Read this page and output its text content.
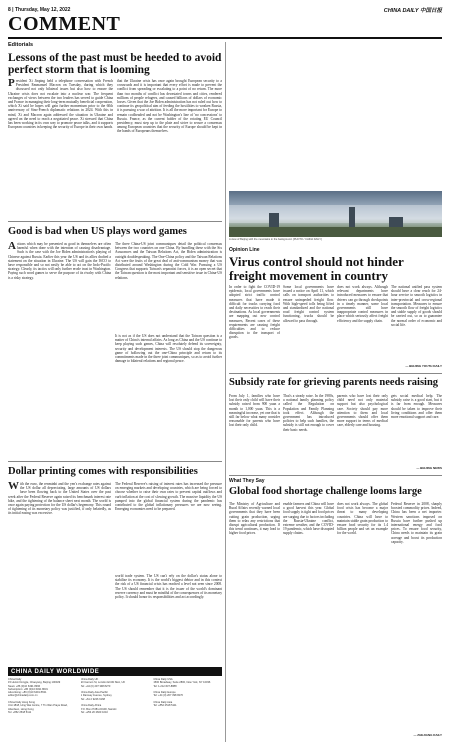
8 | Thursday, May 12, 2022	CHINA DAILY 中国日报
COMMENT
Editorials
Lessons of the past must be heeded to avoid perfect storm that is looming
President Xi Jinping held a telephone conversation with French President Emmanuel Macron on Tuesday, during which they discussed not only bilateral issues but also how to ensure the Ukraine crisis does not escalate into a nuclear war. The frequent exchanges of views between the two leaders has served to guide China and France in managing their long-term mutually beneficial cooperation, which Xi said he hopes will gain further momentum prior to the 60th anniversary of Sino-French diplomatic relations in 2024. With this in mind, Xi and Macron again addressed the situation in Ukraine and agreed on the need to reach a negotiated peace. Xi stressed that China has been working in its own way to promote peace talks, and it supports European countries in keeping the security of Europe in their own hands.
that the Ukraine crisis has once again brought European security to a crossroads and it is important that every effort is made to prevent the conflict from spreading or escalating to a point of no return. The more than two months of conflict has devastated towns and cities, rendered millions of people refugees, and caused billions of dollars of economic losses. Given that the Joe Biden administration has not ruled out how to continue its geopolitical aim of feeding the hostilities to weaken Russia, it is pursuing a war of attrition. It is all the more important for Europe to remain coolheaded and not be Washington's line of 'no concessions' to Russia. France, as the current holder of the rotating EU Council presidency, must step up to the plate and strive to secure a consensus among European countries that the security of Europe should be kept in the hands of Europeans themselves.
Good is bad when US plays word games
Actions which may be presented as good in themselves are often harmful when done with the intention of causing disadvantage. Such is the case with the Joe Biden administration's playing of Chinese against Russia. Earlier this year the US and its allies drafted a statement on the situation in Ukraine. The US will gain the ISCO to have responsible and so not easily be able to act on the Indo-Pacific strategy. Clearly, its tactics will only further erode trust in Washington. Paying such word games to serve the purpose of its rivalry with China is a risky strategy.
The three China-US joint communiques detail the political consensus between the two countries on one China. By bundling these with the Six Assurances and the Taiwan Relations Act, the Biden administration is outright doublespeaking. The One-China policy and the Taiwan Relations Act were the fruits of the great deal of anti-communism money that was distributed around Washington during the Cold War. Pursuing a US Congress that supports Taiwan's separatist forces, it is an open secret that the Taiwan question is the most important and sensitive issue in China-US relations.
It is not as if the US does not understand that the Taiwan question is a matter of China's internal affairs. As long as China and the US continue to keep playing such games, China will resolutely defend its sovereignty, security and development interests. The US should stop the dangerous game of hollowing out the one-China principle and return to its commitments made in the three joint communiques, so as to avoid further damage to bilateral relations and regional peace.
Dollar printing comes with responsibilities
With the euro, the renminbi and the yen's exchange rates against the US dollar all depreciating, large amounts of US dollars have been flowing back to the United States over the past week after the Federal Reserve again raised its benchmark interest rate hike, and the tightening of the balance sheet next month. The world is once again paying protection for the US dollar's hegemony. This round of tightening of its monetary policy was justified, if only belatedly, as its initial easing was excessive.
The Federal Reserve's raising of interest rates has increased the pressure on emerging markets and developing countries, which are being forced to choose whether to raise their own rates to prevent capital outflows and curb inflation at the cost of slowing growth. The massive liquidity the US pumped into the global financial system during the pandemic has contributed to the global inflationary pressures we are now seeing. Emerging economies need to be prepared.
world trade system. The US can't rely on the dollar's status alone to stabilize its economy. It is the world's biggest debtor and in this context the risk of a US financial crisis has reached a level not seen since 2008. The US should remember that it is the issuer of the world's dominant reserve currency and must be mindful of the consequences of its monetary policy. It should honor its responsibilities and act accordingly.
CHINA DAILY WORLDWIDE
China Daily
15 Huixin Dongjie, Chaoyang, Beijing 100029
News: +86 (0)10 6491 8366
Subscription: +86 (0)10 6491 8631
Advertising: +86 (0)10 6491 8631
editor@chinadaily.com.cn

China Daily Hong Kong
Unit 1818, Hing Wai Centre, 7 Tin Wan Praya Road, Aberdeen, Hong Kong
Tel: +852 2518 5111
China Daily UK
90 Cannon St, London EC4N 6HA, UK
Tel: +44 (0) 207 398 8270

China Daily Asia Pacific
1 Ramsay Avenue, Sydney
Tel: +61 2 9226 6168

China Daily Africa
P.O. Box 27281-00100, Nairobi
Tel: +254 20 2600 1010
China Daily USA
1500 Broadway, Suite 2800, New York, NY 10036
Tel: 1-212-537-8888

China Daily Europe
Tel: +44 (0) 207 398 8270

China Daily Asia
Tel: +852 2518 5111
A view of Beijing with the mountains in the background. [PHOTO / CHINA DAILY]
Opinion Line
Virus control should not hinder freight movement in country
In order to fight the COVID-19 epidemic, local governments have adopted strict traffic control measures that have made it difficult for trucks carrying food and daily necessities to reach their destinations. As local governments are mapping out new control measures, Recent cases of these requirements are causing freight difficulties and to reduce disruption to the transport of goods.
Some local governments have issued a notice on April 11, which calls on transport authorities to ensure unimpeded freight flow. With high-speed tolls being lifted and standardized and the national road freight control system functioning, trucks should be allowed to pass through.
does not work always. Although relevant departments have introduced measures to ensure that drivers can go through checkpoints in a timely manner, some local governments still have inappropriate control measures in place which seriously affect freight efficiency and the supply chain.
The national unified pass system should have a clear reach for 24-hour service to smooth logistics in inter-provincial and cross-regional transportation. Measures to ensure the smooth flow of freight logistics and stable supply of goods should be carried out, so as to guarantee the normal order of economic and social life.
— BEIJING YOUTH DAILY
Subsidy rate for grieving parents needs raising
From July 1, families who have lost their only child will have their subsidy raised from 900 yuan a month to 1,000 yuan. This is a meaningful increase, yet one that is still far below what many consider reasonable for parents who have lost their only child.
That's a steady raise. In the 1980s, a national family planning policy called the Regulation on Population and Family Planning took effect. Although the government has introduced policies to help such families, the subsidy is still not enough to cover their basic needs.
parents who have lost their only child need not only material support but also psychological care. Society should pay more attention to them and local governments should offer them more support in terms of medical care, elderly care and housing.
gets social medical help. The subsidy raise is a good start, but it is far from enough. Measures should be taken to improve their living conditions and offer them more emotional support and care.
— BEIJING NEWS
What They Say
Global food shortage challenge looms large
The Ministry of Agriculture and Rural Affairs recently warned local governments that they have been cutting grain production, urging them to relax any restrictions that disrupt agricultural production. If this trend continues, it may lead to higher food prices.
enable farmers and China will have a good harvest this year. Global food supply is tight and food prices are surging due to factors including the Russia-Ukraine conflict, extreme weather, and the COVID-19 pandemic, which have disrupted supply chains.
does not work always. The global food crisis has become a major threat to many developing countries. China will have to maintain stable grain production to ensure food security for its 1.4 billion people and set an example for the world.
Federal Reserve in 2008, sharply boosted commodity prices. Indeed, China has been a net importer. Western sanctions imposed on Russia have further pushed up international energy and food prices. To ensure food security, China needs to maintain its grain acreage and boost its production capacity.
— ZHEJIANG DAILY
